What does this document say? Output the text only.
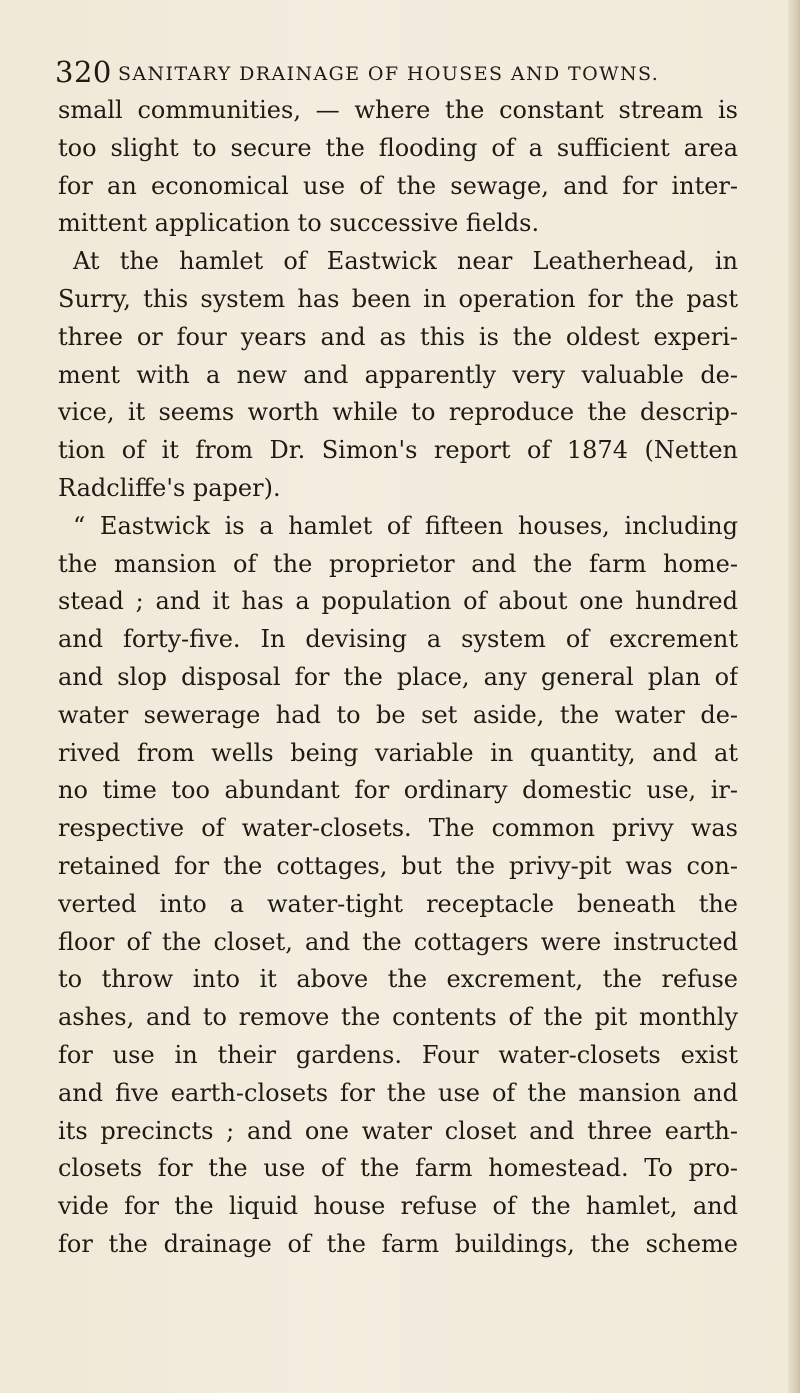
320 SANITARY DRAINAGE OF HOUSES AND TOWNS.
small communities, — where the constant stream is
too slight to secure the flooding of a sufficient area
for an economical use of the sewage, and for inter-
mittent application to successive fields.
At the hamlet of Eastwick near Leatherhead, in
Surry, this system has been in operation for the past
three or four years and as this is the oldest experi-
ment with a new and apparently very valuable de-
vice, it seems worth while to reproduce the descrip-
tion of it from Dr. Simon's report of 1874 (Netten
Radcliffe's paper).
“ Eastwick is a hamlet of fifteen houses, including
the mansion of the proprietor and the farm home-
stead ; and it has a population of about one hundred
and forty-five. In devising a system of excrement
and slop disposal for the place, any general plan of
water sewerage had to be set aside, the water de-
rived from wells being variable in quantity, and at
no time too abundant for ordinary domestic use, ir-
respective of water-closets. The common privy was
retained for the cottages, but the privy-pit was con-
verted into a water-tight receptacle beneath the
floor of the closet, and the cottagers were instructed
to throw into it above the excrement, the refuse
ashes, and to remove the contents of the pit monthly
for use in their gardens. Four water-closets exist
and five earth-closets for the use of the mansion and
its precincts ; and one water closet and three earth-
closets for the use of the farm homestead. To pro-
vide for the liquid house refuse of the hamlet, and
for the drainage of the farm buildings, the scheme
